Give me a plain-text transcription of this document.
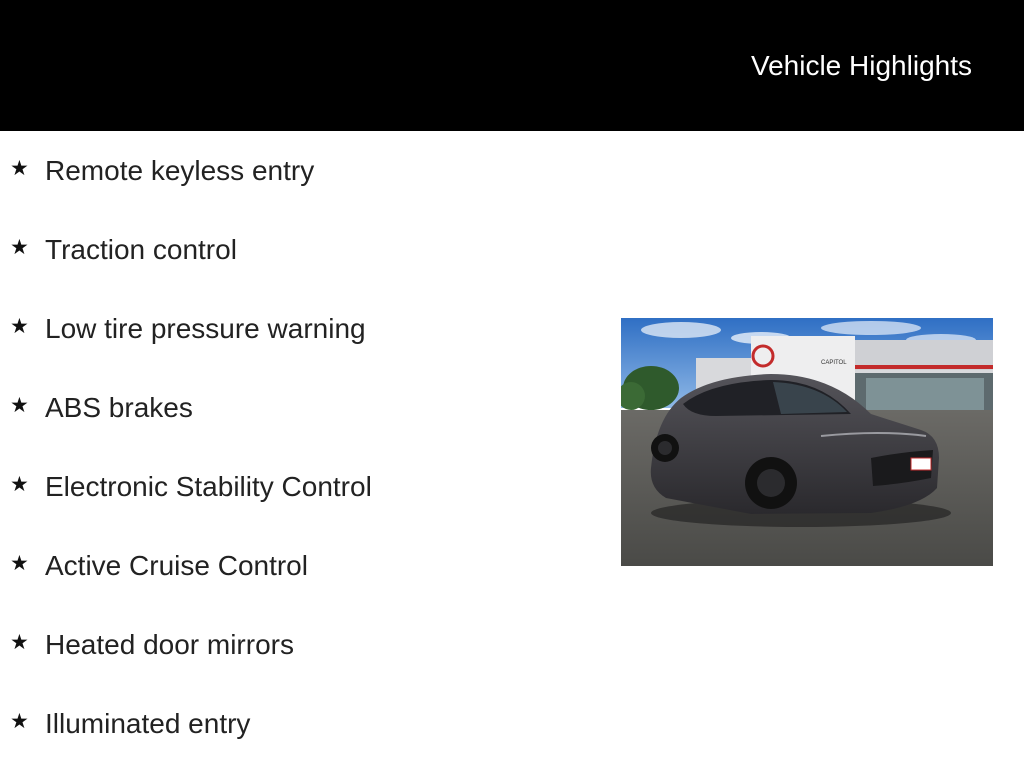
Vehicle Highlights
★ Remote keyless entry
★ Traction control
★ Low tire pressure warning
★ ABS brakes
★ Electronic Stability Control
★ Active Cruise Control
★ Heated door mirrors
★ Illuminated entry
CAPITOL
